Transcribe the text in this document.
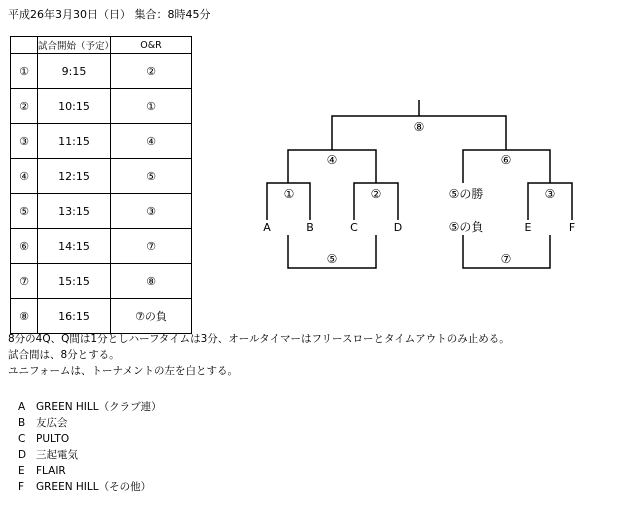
平成26年3月30日（日） 集合：8時45分
	試合開始（予定）	O&R
①	9:15	②
②	10:15	①
③	11:15	④
④	12:15	⑤
⑤	13:15	③
⑥	14:15	⑦
⑦	15:15	⑧
⑧	16:15	⑦の負
⑧
④	⑥
①	②	③
⑤	⑦
⑤の勝
⑤の負
A	B	C	D	E	F
8分の4Q、Q間は1分としハーフタイムは3分、オールタイマーはフリースローとタイムアウトのみ止める。
試合間は、8分とする。
ユニフォームは、トーナメントの左を白とする。
A GREEN HILL（クラブ連）
B 友広会
C PULTO
D 三起電気
E FLAIR
F GREEN HILL（その他）
